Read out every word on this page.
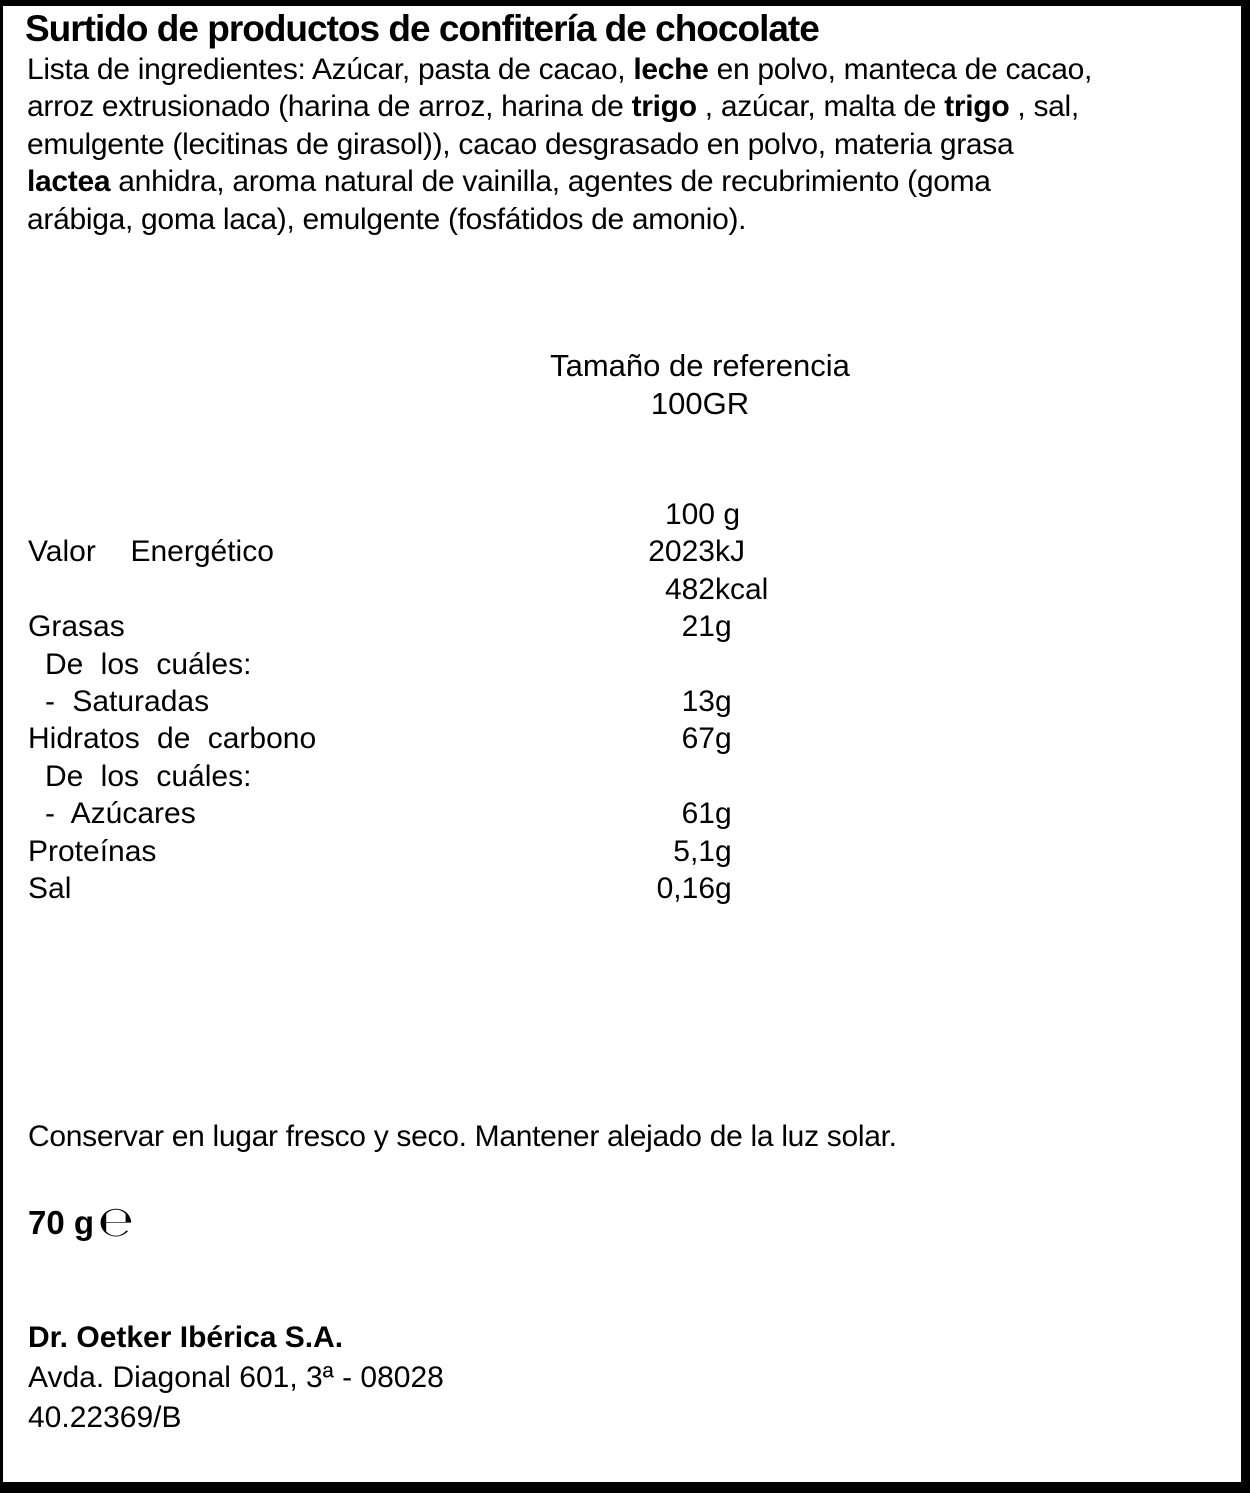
Surtido de productos de confitería de chocolate
Lista de ingredientes: Azúcar, pasta de cacao, leche en polvo, manteca de cacao,
arroz extrusionado (harina de arroz, harina de trigo , azúcar, malta de trigo , sal,
emulgente (lecitinas de girasol)), cacao desgrasado en polvo, materia grasa
lactea anhidra, aroma natural de vainilla, agentes de recubrimiento (goma
arábiga, goma laca), emulgente (fosfátidos de amonio).
Tamaño de referencia
100GR
100 g
Valor  Energético	2023 kJ
482 kcal
Grasas	21 g
De los cuáles:
- Saturadas	13 g
Hidratos de carbono	67 g
De los cuáles:
- Azúcares	61 g
Proteínas	5,1 g
Sal	0,16 g
Conservar en lugar fresco y seco. Mantener alejado de la luz solar.
70 g℮
Dr. Oetker Ibérica S.A.
Avda. Diagonal 601, 3ª - 08028
40.22369/B
